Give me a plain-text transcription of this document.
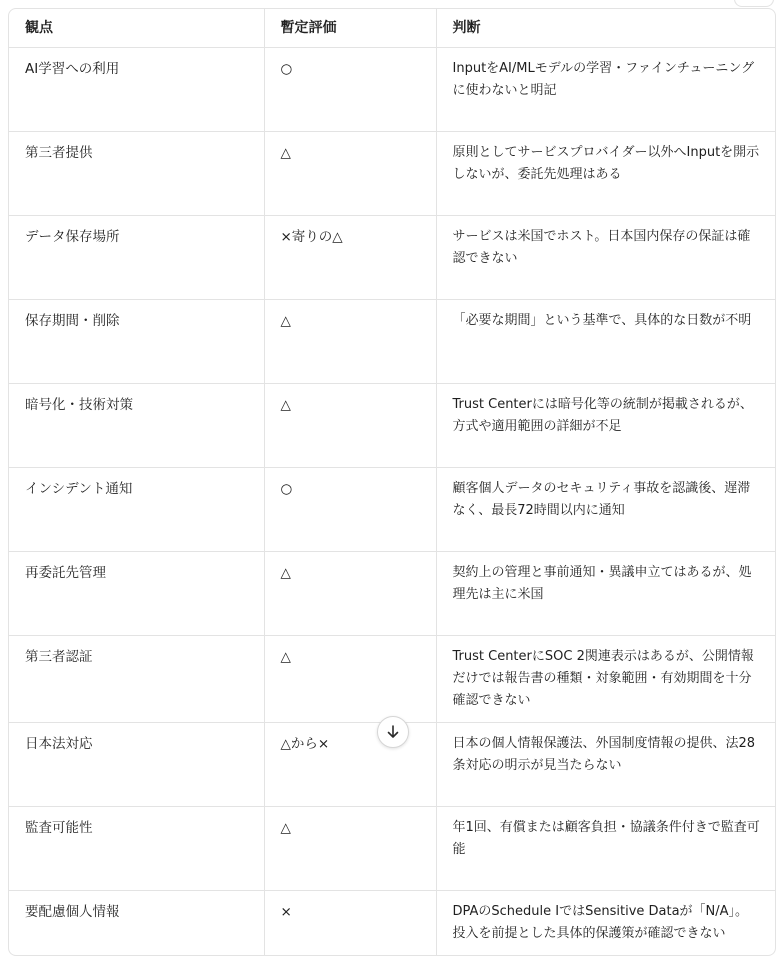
観点	暫定評価	判断
AI学習への利用	○	InputをAI/MLモデルの学習・ファインチューニングに使わないと明記
第三者提供	△	原則としてサービスプロバイダー以外へInputを開示しないが、委託先処理はある
データ保存場所	×寄りの△	サービスは米国でホスト。日本国内保存の保証は確認できない
保存期間・削除	△	「必要な期間」という基準で、具体的な日数が不明
暗号化・技術対策	△	Trust Centerには暗号化等の統制が掲載されるが、方式や適用範囲の詳細が不足
インシデント通知	○	顧客個人データのセキュリティ事故を認識後、遅滞なく、最長72時間以内に通知
再委託先管理	△	契約上の管理と事前通知・異議申立てはあるが、処理先は主に米国
第三者認証	△	Trust CenterにSOC 2関連表示はあるが、公開情報だけでは報告書の種類・対象範囲・有効期間を十分確認できない
日本法対応	△から×	日本の個人情報保護法、外国制度情報の提供、法28条対応の明示が見当たらない
監査可能性	△	年1回、有償または顧客負担・協議条件付きで監査可能
要配慮個人情報	×	DPAのSchedule IではSensitive Dataが「N/A」。投入を前提とした具体的保護策が確認できない
